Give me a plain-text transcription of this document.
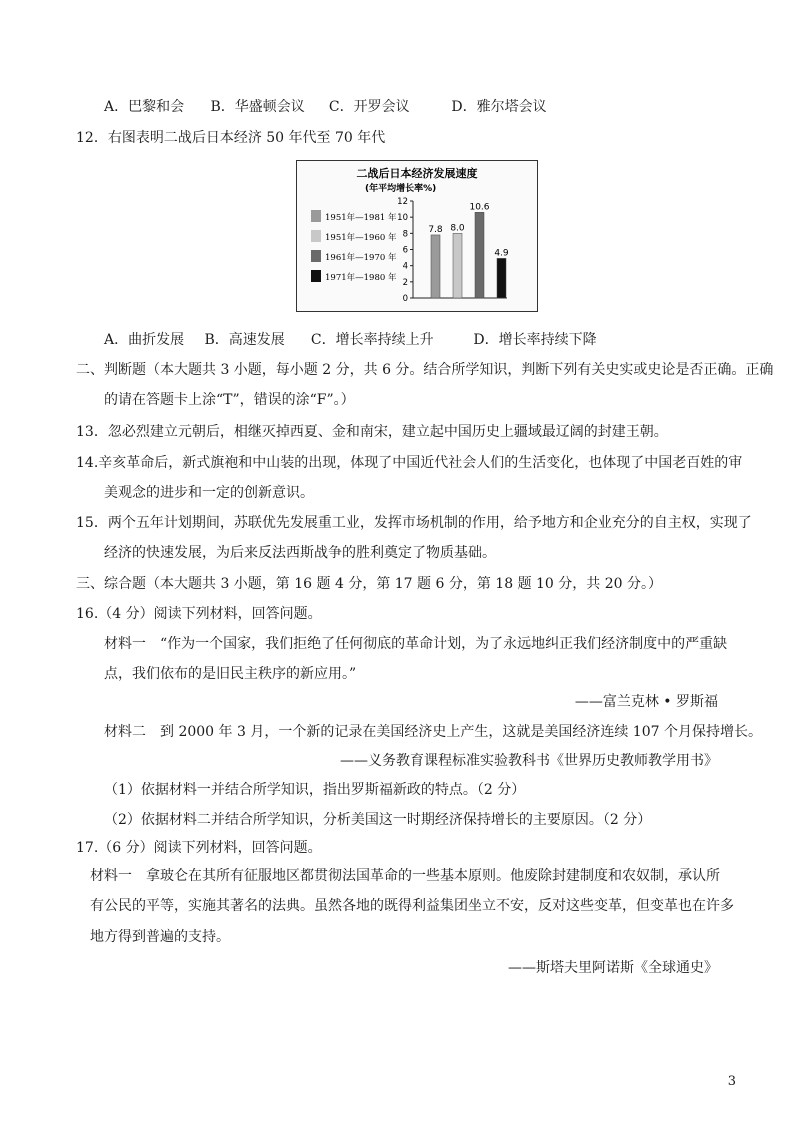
A．巴黎和会 B．华盛顿会议 C．开罗会议	D．雅尔塔会议
12．右图表明二战后日本经济 50 年代至 70 年代
二战后日本经济发展速度
(年平均增长率%)
1951年—1981 年
1951年—1960 年
1961年—1970 年
1971年—1980 年
0
2
4
6
8
10
12
7.8 8.0
10.6
4.9
A．曲折发展 B．高速发展 C．增长率持续上升	D．增长率持续下降
二、判断题（本大题共 3 小题，每小题 2 分，共 6 分。结合所学知识，判断下列有关史实或史论是否正确。正确
的请在答题卡上涂“T”，错误的涂“F”。）
13．忽必烈建立元朝后，相继灭掉西夏、金和南宋，建立起中国历史上疆域最辽阔的封建王朝。
14.辛亥革命后，新式旗袍和中山装的出现，体现了中国近代社会人们的生活变化，也体现了中国老百姓的审
美观念的进步和一定的创新意识。
15．两个五年计划期间，苏联优先发展重工业，发挥市场机制的作用，给予地方和企业充分的自主权，实现了
经济的快速发展，为后来反法西斯战争的胜利奠定了物质基础。
三、综合题（本大题共 3 小题，第 16 题 4 分，第 17 题 6 分，第 18 题 10 分，共 20 分。）
16.（4 分）阅读下列材料，回答问题。
材料一　“作为一个国家，我们拒绝了任何彻底的革命计划，为了永远地纠正我们经济制度中的严重缺
点，我们依布的是旧民主秩序的新应用。”
——富兰克林 • 罗斯福
材料二　到 2000 年 3 月，一个新的记录在美国经济史上产生，这就是美国经济连续 107 个月保持增长。
——义务教育课程标准实验教科书《世界历史教师教学用书》
（1）依据材料一并结合所学知识，指出罗斯福新政的特点。（2 分）
（2）依据材料二并结合所学知识，分析美国这一时期经济保持增长的主要原因。（2 分）
17.（6 分）阅读下列材料，回答问题。
材料一　拿玻仑在其所有征服地区都贯彻法国革命的一些基本原则。他废除封建制度和农奴制，承认所
有公民的平等，实施其著名的法典。虽然各地的既得利益集团坐立不安，反对这些变革，但变革也在许多
地方得到普遍的支持。
——斯塔夫里阿诺斯《全球通史》
3
